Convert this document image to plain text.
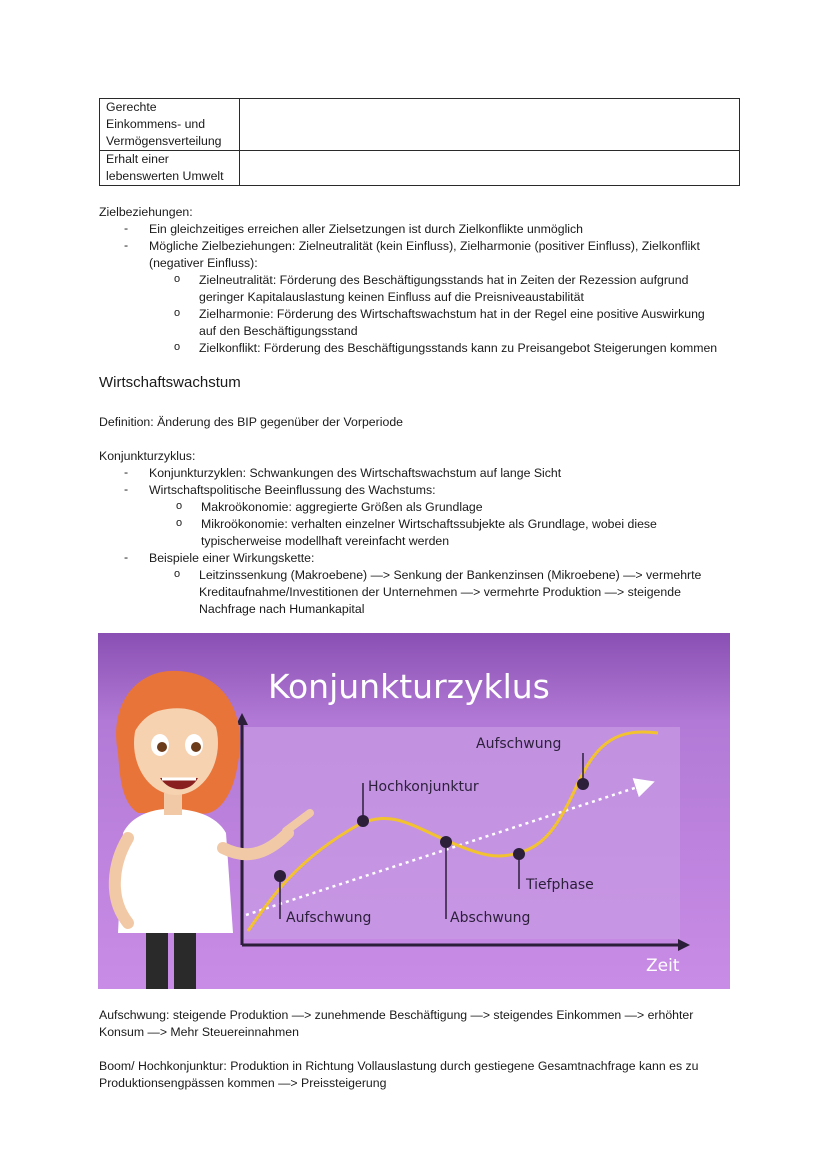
Gerechte
Einkommens- und
Vermögensverteilung	
Erhalt einer
lebenswerten Umwelt	
Zielbeziehungen:
- Ein gleichzeitiges erreichen aller Zielsetzungen ist durch Zielkonflikte unmöglich
- Mögliche Zielbeziehungen: Zielneutralität (kein Einfluss), Zielharmonie (positiver Einfluss), Zielkonflikt
(negativer Einfluss):
o Zielneutralität: Förderung des Beschäftigungsstands hat in Zeiten der Rezession aufgrund
geringer Kapitalauslastung keinen Einfluss auf die Preisniveaustabilität
o Zielharmonie: Förderung des Wirtschaftswachstum hat in der Regel eine positive Auswirkung
auf den Beschäftigungsstand
o Zielkonflikt: Förderung des Beschäftigungsstands kann zu Preisangebot Steigerungen kommen
Wirtschaftswachstum
Definition: Änderung des BIP gegenüber der Vorperiode
Konjunkturzyklus:
- Konjunkturzyklen: Schwankungen des Wirtschaftswachstum auf lange Sicht
- Wirtschaftspolitische Beeinflussung des Wachstums:
o Makroökonomie: aggregierte Größen als Grundlage
o Mikroökonomie: verhalten einzelner Wirtschaftssubjekte als Grundlage, wobei diese
typischerweise modellhaft vereinfacht werden
- Beispiele einer Wirkungskette:
o Leitzinssenkung (Makroebene) —> Senkung der Bankenzinsen (Mikroebene) —> vermehrte
Kreditaufnahme/Investitionen der Unternehmen —> vermehrte Produktion —> steigende
Nachfrage nach Humankapital
Konjunkturzyklus
Zeit
Aufschwung
Hochkonjunktur
Tiefphase
Aufschwung	Abschwung
Aufschwung: steigende Produktion —> zunehmende Beschäftigung —> steigendes Einkommen —> erhöhter
Konsum —> Mehr Steuereinnahmen
Boom/ Hochkonjunktur: Produktion in Richtung Vollauslastung durch gestiegene Gesamtnachfrage kann es zu
Produktionsengpässen kommen —> Preissteigerung
